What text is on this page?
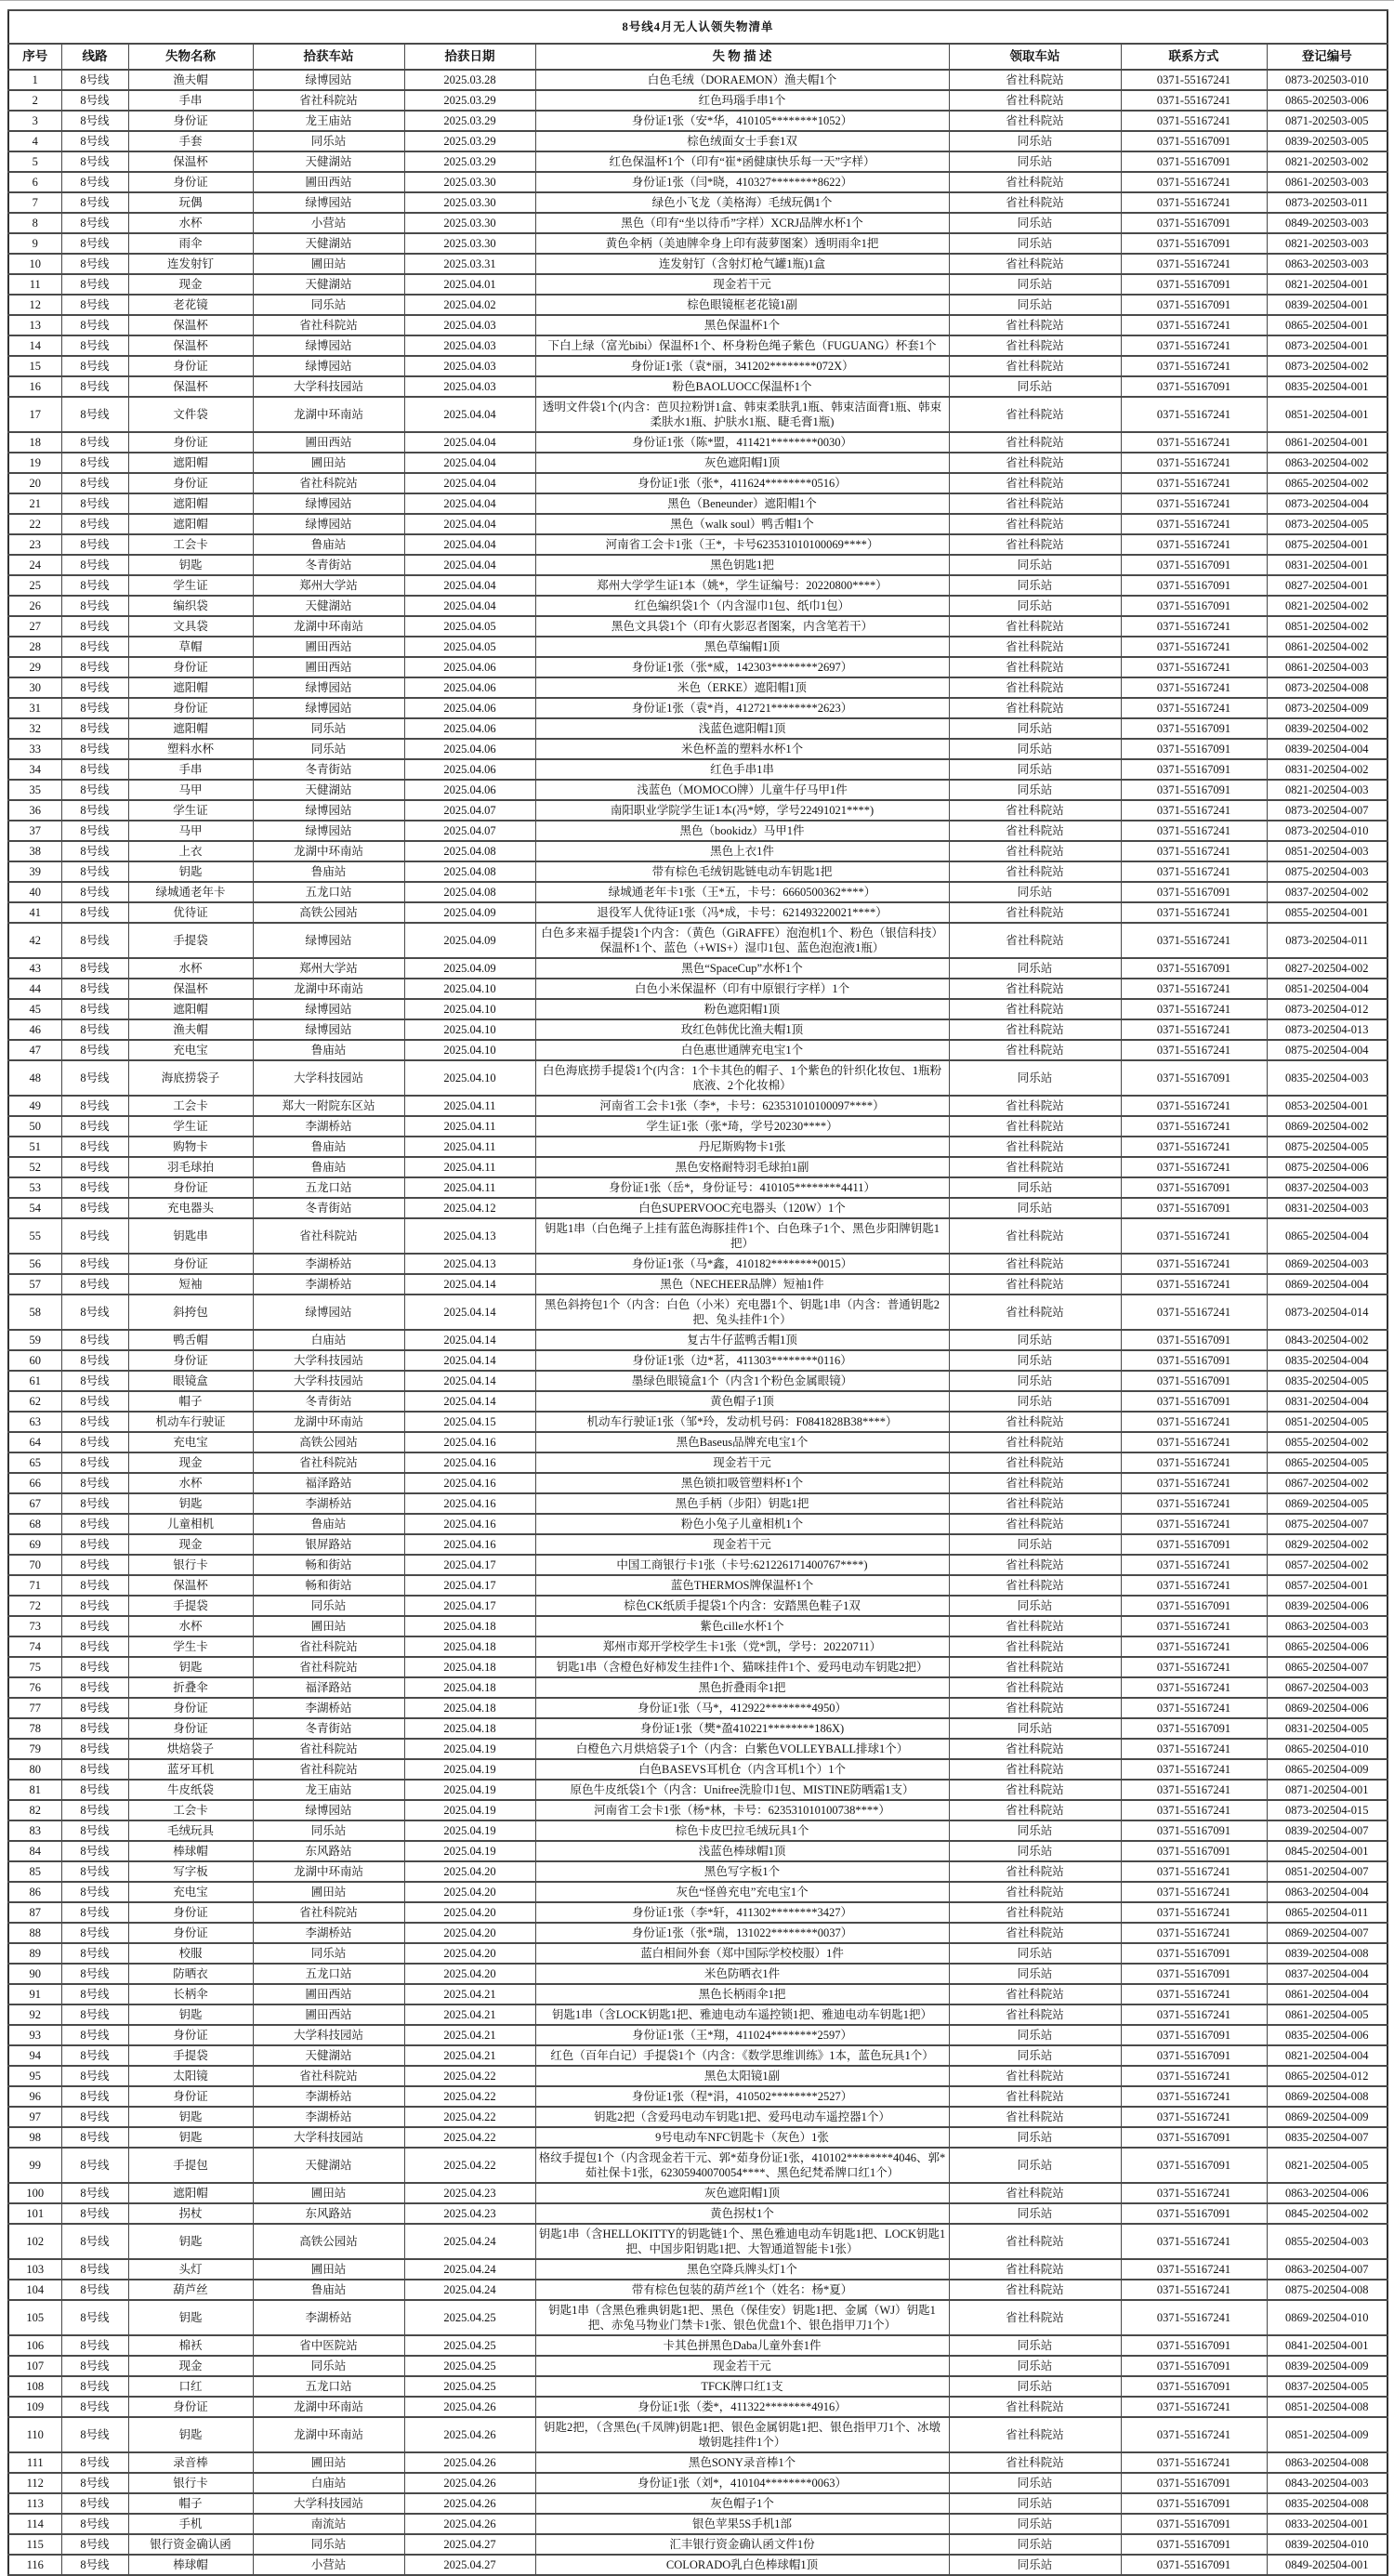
8号线4月无人认领失物清单								
序号	线路	失物名称	拾获车站	拾获日期	失 物 描 述	领取车站	联系方式	登记编号
1	8号线	渔夫帽	绿博园站	2025.03.28	白色毛绒（DORAEMON）渔夫帽1个	省社科院站	0371-55167241	0873-202503-010
2	8号线	手串	省社科院站	2025.03.29	红色玛瑙手串1个	省社科院站	0371-55167241	0865-202503-006
3	8号线	身份证	龙王庙站	2025.03.29	身份证1张（安*华，410105********1052）	省社科院站	0371-55167241	0871-202503-005
4	8号线	手套	同乐站	2025.03.29	棕色绒面女士手套1双	同乐站	0371-55167091	0839-202503-005
5	8号线	保温杯	天健湖站	2025.03.29	红色保温杯1个（印有“崔*函健康快乐每一天”字样）	同乐站	0371-55167091	0821-202503-002
6	8号线	身份证	圃田西站	2025.03.30	身份证1张（闫*晓，410327********8622）	省社科院站	0371-55167241	0861-202503-003
7	8号线	玩偶	绿博园站	2025.03.30	绿色小飞龙（美格海）毛绒玩偶1个	省社科院站	0371-55167241	0873-202503-011
8	8号线	水杯	小营站	2025.03.30	黑色（印有“坐以待币”字样）XCRJ品牌水杯1个	同乐站	0371-55167091	0849-202503-003
9	8号线	雨伞	天健湖站	2025.03.30	黄色伞柄（美迪牌伞身上印有菠萝图案）透明雨伞1把	同乐站	0371-55167091	0821-202503-003
10	8号线	连发射钉	圃田站	2025.03.31	连发射钉（含射灯枪气罐1瓶)1盒	省社科院站	0371-55167241	0863-202503-003
11	8号线	现金	天健湖站	2025.04.01	现金若干元	同乐站	0371-55167091	0821-202504-001
12	8号线	老花镜	同乐站	2025.04.02	棕色眼镜框老花镜1副	同乐站	0371-55167091	0839-202504-001
13	8号线	保温杯	省社科院站	2025.04.03	黑色保温杯1个	省社科院站	0371-55167241	0865-202504-001
14	8号线	保温杯	绿博园站	2025.04.03	下白上绿（富光bibi）保温杯1个、杯身粉色绳子紫色（FUGUANG）杯套1个	省社科院站	0371-55167241	0873-202504-001
15	8号线	身份证	绿博园站	2025.04.03	身份证1张（袁*丽，341202********072X）	省社科院站	0371-55167241	0873-202504-002
16	8号线	保温杯	大学科技园站	2025.04.03	粉色BAOLUOCC保温杯1个	同乐站	0371-55167091	0835-202504-001
17	8号线	文件袋	龙湖中环南站	2025.04.04	透明文件袋1个(内含：芭贝拉粉饼1盒、韩束柔肤乳1瓶、韩束洁面膏1瓶、韩束柔肤水1瓶、护肤水1瓶、睫毛膏1瓶)	省社科院站	0371-55167241	0851-202504-001
18	8号线	身份证	圃田西站	2025.04.04	身份证1张（陈*盟，411421********0030）	省社科院站	0371-55167241	0861-202504-001
19	8号线	遮阳帽	圃田站	2025.04.04	灰色遮阳帽1顶	省社科院站	0371-55167241	0863-202504-002
20	8号线	身份证	省社科院站	2025.04.04	身份证1张（张*，411624********0516）	省社科院站	0371-55167241	0865-202504-002
21	8号线	遮阳帽	绿博园站	2025.04.04	黑色（Beneunder）遮阳帽1个	省社科院站	0371-55167241	0873-202504-004
22	8号线	遮阳帽	绿博园站	2025.04.04	黑色（walk soul）鸭舌帽1个	省社科院站	0371-55167241	0873-202504-005
23	8号线	工会卡	鲁庙站	2025.04.04	河南省工会卡1张（王*，卡号623531010100069****）	省社科院站	0371-55167241	0875-202504-001
24	8号线	钥匙	冬青街站	2025.04.04	黑色钥匙1把	同乐站	0371-55167091	0831-202504-001
25	8号线	学生证	郑州大学站	2025.04.04	郑州大学学生证1本（姚*，学生证编号：20220800****）	同乐站	0371-55167091	0827-202504-001
26	8号线	编织袋	天健湖站	2025.04.04	红色编织袋1个（内含湿巾1包、纸巾1包）	同乐站	0371-55167091	0821-202504-002
27	8号线	文具袋	龙湖中环南站	2025.04.05	黑色文具袋1个（印有火影忍者图案，内含笔若干）	省社科院站	0371-55167241	0851-202504-002
28	8号线	草帽	圃田西站	2025.04.05	黑色草编帽1顶	省社科院站	0371-55167241	0861-202504-002
29	8号线	身份证	圃田西站	2025.04.06	身份证1张（张*威，142303********2697）	省社科院站	0371-55167241	0861-202504-003
30	8号线	遮阳帽	绿博园站	2025.04.06	米色（ERKE）遮阳帽1顶	省社科院站	0371-55167241	0873-202504-008
31	8号线	身份证	绿博园站	2025.04.06	身份证1张（袁*肖，412721********2623）	省社科院站	0371-55167241	0873-202504-009
32	8号线	遮阳帽	同乐站	2025.04.06	浅蓝色遮阳帽1顶	同乐站	0371-55167091	0839-202504-002
33	8号线	塑料水杯	同乐站	2025.04.06	米色杯盖的塑料水杯1个	同乐站	0371-55167091	0839-202504-004
34	8号线	手串	冬青街站	2025.04.06	红色手串1串	同乐站	0371-55167091	0831-202504-002
35	8号线	马甲	天健湖站	2025.04.06	浅蓝色（MOMOCO牌）儿童牛仔马甲1件	同乐站	0371-55167091	0821-202504-003
36	8号线	学生证	绿博园站	2025.04.07	南阳职业学院学生证1本(冯*婷，学号22491021****)	省社科院站	0371-55167241	0873-202504-007
37	8号线	马甲	绿博园站	2025.04.07	黑色（bookidz）马甲1件	省社科院站	0371-55167241	0873-202504-010
38	8号线	上衣	龙湖中环南站	2025.04.08	黑色上衣1件	省社科院站	0371-55167241	0851-202504-003
39	8号线	钥匙	鲁庙站	2025.04.08	带有棕色毛绒钥匙链电动车钥匙1把	省社科院站	0371-55167241	0875-202504-003
40	8号线	绿城通老年卡	五龙口站	2025.04.08	绿城通老年卡1张（王*五，卡号：6660500362****）	同乐站	0371-55167091	0837-202504-002
41	8号线	优待证	高铁公园站	2025.04.09	退役军人优待证1张（冯*成，卡号：621493220021****）	省社科院站	0371-55167241	0855-202504-001
42	8号线	手提袋	绿博园站	2025.04.09	白色多来福手提袋1个内含：（黄色（GiRAFFE）泡泡机1个、粉色（银信科技）保温杯1个、蓝色（+WIS+）湿巾1包、蓝色泡泡液1瓶）	省社科院站	0371-55167241	0873-202504-011
43	8号线	水杯	郑州大学站	2025.04.09	黑色“SpaceCup”水杯1个	同乐站	0371-55167091	0827-202504-002
44	8号线	保温杯	龙湖中环南站	2025.04.10	白色小米保温杯（印有中原银行字样）1个	省社科院站	0371-55167241	0851-202504-004
45	8号线	遮阳帽	绿博园站	2025.04.10	粉色遮阳帽1顶	省社科院站	0371-55167241	0873-202504-012
46	8号线	渔夫帽	绿博园站	2025.04.10	玫红色韩优比渔夫帽1顶	省社科院站	0371-55167241	0873-202504-013
47	8号线	充电宝	鲁庙站	2025.04.10	白色惠世通牌充电宝1个	省社科院站	0371-55167241	0875-202504-004
48	8号线	海底捞袋子	大学科技园站	2025.04.10	白色海底捞手提袋1个(内含：1个卡其色的帽子、1个紫色的针织化妆包、1瓶粉底液、2个化妆棉）	同乐站	0371-55167091	0835-202504-003
49	8号线	工会卡	郑大一附院东区站	2025.04.11	河南省工会卡1张（李*，卡号：623531010100097****）	省社科院站	0371-55167241	0853-202504-001
50	8号线	学生证	李湖桥站	2025.04.11	学生证1张（张*琦，学号20230****）	省社科院站	0371-55167241	0869-202504-002
51	8号线	购物卡	鲁庙站	2025.04.11	丹尼斯购物卡1张	省社科院站	0371-55167241	0875-202504-005
52	8号线	羽毛球拍	鲁庙站	2025.04.11	黑色安格耐特羽毛球拍1副	省社科院站	0371-55167241	0875-202504-006
53	8号线	身份证	五龙口站	2025.04.11	身份证1张（岳*，身份证号：410105********4411）	同乐站	0371-55167091	0837-202504-003
54	8号线	充电器头	冬青街站	2025.04.12	白色SUPERVOOC充电器头（120W）1个	同乐站	0371-55167091	0831-202504-003
55	8号线	钥匙串	省社科院站	2025.04.13	钥匙1串（白色绳子上挂有蓝色海豚挂件1个、白色珠子1个、黑色步阳牌钥匙1把）	省社科院站	0371-55167241	0865-202504-004
56	8号线	身份证	李湖桥站	2025.04.13	身份证1张（马*鑫，410182********0015）	省社科院站	0371-55167241	0869-202504-003
57	8号线	短袖	李湖桥站	2025.04.14	黑色（NECHEER品牌）短袖1件	省社科院站	0371-55167241	0869-202504-004
58	8号线	斜挎包	绿博园站	2025.04.14	黑色斜挎包1个（内含：白色（小米）充电器1个、钥匙1串（内含：普通钥匙2把、兔头挂件1个）	省社科院站	0371-55167241	0873-202504-014
59	8号线	鸭舌帽	白庙站	2025.04.14	复古牛仔蓝鸭舌帽1顶	同乐站	0371-55167091	0843-202504-002
60	8号线	身份证	大学科技园站	2025.04.14	身份证1张（边*茗，411303********0116）	同乐站	0371-55167091	0835-202504-004
61	8号线	眼镜盒	大学科技园站	2025.04.14	墨绿色眼镜盒1个（内含1个粉色金属眼镜）	同乐站	0371-55167091	0835-202504-005
62	8号线	帽子	冬青街站	2025.04.14	黄色帽子1顶	同乐站	0371-55167091	0831-202504-004
63	8号线	机动车行驶证	龙湖中环南站	2025.04.15	机动车行驶证1张（邹*玲，发动机号码：F0841828B38****）	省社科院站	0371-55167241	0851-202504-005
64	8号线	充电宝	高铁公园站	2025.04.16	黑色Baseus品牌充电宝1个	省社科院站	0371-55167241	0855-202504-002
65	8号线	现金	省社科院站	2025.04.16	现金若干元	省社科院站	0371-55167241	0865-202504-005
66	8号线	水杯	福泽路站	2025.04.16	黑色锁扣吸管塑料杯1个	省社科院站	0371-55167241	0867-202504-002
67	8号线	钥匙	李湖桥站	2025.04.16	黑色手柄（步阳）钥匙1把	省社科院站	0371-55167241	0869-202504-005
68	8号线	儿童相机	鲁庙站	2025.04.16	粉色小兔子儿童相机1个	省社科院站	0371-55167241	0875-202504-007
69	8号线	现金	银屏路站	2025.04.16	现金若干元	同乐站	0371-55167091	0829-202504-002
70	8号线	银行卡	畅和街站	2025.04.17	中国工商银行卡1张（卡号:621226171400767****)	省社科院站	0371-55167241	0857-202504-002
71	8号线	保温杯	畅和街站	2025.04.17	蓝色THERMOS牌保温杯1个	省社科院站	0371-55167241	0857-202504-001
72	8号线	手提袋	同乐站	2025.04.17	棕色CK纸质手提袋1个内含：安踏黑色鞋子1双	同乐站	0371-55167091	0839-202504-006
73	8号线	水杯	圃田站	2025.04.18	紫色cille水杯1个	省社科院站	0371-55167241	0863-202504-003
74	8号线	学生卡	省社科院站	2025.04.18	郑州市郑开学校学生卡1张（党*凯，学号：20220711）	省社科院站	0371-55167241	0865-202504-006
75	8号线	钥匙	省社科院站	2025.04.18	钥匙1串（含橙色好柿发生挂件1个、猫咪挂件1个、爱玛电动车钥匙2把）	省社科院站	0371-55167241	0865-202504-007
76	8号线	折叠伞	福泽路站	2025.04.18	黑色折叠雨伞1把	省社科院站	0371-55167241	0867-202504-003
77	8号线	身份证	李湖桥站	2025.04.18	身份证1张（马*，412922********4950）	省社科院站	0371-55167241	0869-202504-006
78	8号线	身份证	冬青街站	2025.04.18	身份证1张（樊*盈410221********186X)	同乐站	0371-55167091	0831-202504-005
79	8号线	烘焙袋子	省社科院站	2025.04.19	白橙色六月烘焙袋子1个（内含：白紫色VOLLEYBALL排球1个）	省社科院站	0371-55167241	0865-202504-010
80	8号线	蓝牙耳机	省社科院站	2025.04.19	白色BASEVS耳机仓（内含耳机1个）1个	省社科院站	0371-55167241	0865-202504-009
81	8号线	牛皮纸袋	龙王庙站	2025.04.19	原色牛皮纸袋1个（内含：Unifree洗脸巾1包、MISTINE防晒霜1支）	省社科院站	0371-55167241	0871-202504-001
82	8号线	工会卡	绿博园站	2025.04.19	河南省工会卡1张（杨*林，卡号：623531010100738****）	省社科院站	0371-55167241	0873-202504-015
83	8号线	毛绒玩具	同乐站	2025.04.19	棕色卡皮巴拉毛绒玩具1个	同乐站	0371-55167091	0839-202504-007
84	8号线	棒球帽	东风路站	2025.04.19	浅蓝色棒球帽1顶	同乐站	0371-55167091	0845-202504-001
85	8号线	写字板	龙湖中环南站	2025.04.20	黑色写字板1个	省社科院站	0371-55167241	0851-202504-007
86	8号线	充电宝	圃田站	2025.04.20	灰色“怪兽充电”充电宝1个	省社科院站	0371-55167241	0863-202504-004
87	8号线	身份证	省社科院站	2025.04.20	身份证1张（李*轩，411302********3427）	省社科院站	0371-55167241	0865-202504-011
88	8号线	身份证	李湖桥站	2025.04.20	身份证1张（张*瑞，131022********0037）	省社科院站	0371-55167241	0869-202504-007
89	8号线	校服	同乐站	2025.04.20	蓝白相间外套（郑中国际学校校服）1件	同乐站	0371-55167091	0839-202504-008
90	8号线	防晒衣	五龙口站	2025.04.20	米色防晒衣1件	同乐站	0371-55167091	0837-202504-004
91	8号线	长柄伞	圃田西站	2025.04.21	黑色长柄雨伞1把	省社科院站	0371-55167241	0861-202504-004
92	8号线	钥匙	圃田西站	2025.04.21	钥匙1串（含LOCK钥匙1把、雅迪电动车遥控锁1把、雅迪电动车钥匙1把）	省社科院站	0371-55167241	0861-202504-005
93	8号线	身份证	大学科技园站	2025.04.21	身份证1张（王*翔，411024********2597）	同乐站	0371-55167091	0835-202504-006
94	8号线	手提袋	天健湖站	2025.04.21	红色（百年白记）手提袋1个（内含：《数学思维训练》1本，蓝色玩具1个）	同乐站	0371-55167091	0821-202504-004
95	8号线	太阳镜	省社科院站	2025.04.22	黑色太阳镜1副	省社科院站	0371-55167241	0865-202504-012
96	8号线	身份证	李湖桥站	2025.04.22	身份证1张（程*涓，410502********2527）	省社科院站	0371-55167241	0869-202504-008
97	8号线	钥匙	李湖桥站	2025.04.22	钥匙2把（含爱玛电动车钥匙1把、爱玛电动车遥控器1个）	省社科院站	0371-55167241	0869-202504-009
98	8号线	钥匙	大学科技园站	2025.04.22	9号电动车NFC钥匙卡（灰色）1张	同乐站	0371-55167091	0835-202504-007
99	8号线	手提包	天健湖站	2025.04.22	格纹手提包1个（内含现金若干元、郭*茹身份证1张，410102********4046、郭*茹社保卡1张，62305940070054****、黑色纪梵希牌口红1个）	同乐站	0371-55167091	0821-202504-005
100	8号线	遮阳帽	圃田站	2025.04.23	灰色遮阳帽1顶	省社科院站	0371-55167241	0863-202504-006
101	8号线	拐杖	东风路站	2025.04.23	黄色拐杖1个	同乐站	0371-55167091	0845-202504-002
102	8号线	钥匙	高铁公园站	2025.04.24	钥匙1串（含HELLOKITTY的钥匙链1个、黑色雅迪电动车钥匙1把、LOCK钥匙1把、中国步阳钥匙1把、大智通道智能卡1张）	省社科院站	0371-55167241	0855-202504-003
103	8号线	头灯	圃田站	2025.04.24	黑色空降兵牌头灯1个	省社科院站	0371-55167241	0863-202504-007
104	8号线	葫芦丝	鲁庙站	2025.04.24	带有棕色包装的葫芦丝1个（姓名：杨*夏）	省社科院站	0371-55167241	0875-202504-008
105	8号线	钥匙	李湖桥站	2025.04.25	钥匙1串（含黑色雅典钥匙1把、黑色（保佳安）钥匙1把、金属（WJ）钥匙1把、赤兔马物业门禁卡1张、银色优盘1个、银色指甲刀1个）	省社科院站	0371-55167241	0869-202504-010
106	8号线	棉袄	省中医院站	2025.04.25	卡其色拼黑色Daba儿童外套1件	同乐站	0371-55167091	0841-202504-001
107	8号线	现金	同乐站	2025.04.25	现金若干元	同乐站	0371-55167091	0839-202504-009
108	8号线	口红	五龙口站	2025.04.25	TFCK牌口红1支	同乐站	0371-55167091	0837-202504-005
109	8号线	身份证	龙湖中环南站	2025.04.26	身份证1张（娄*，411322********4916）	省社科院站	0371-55167241	0851-202504-008
110	8号线	钥匙	龙湖中环南站	2025.04.26	钥匙2把，（含黑色(千凤牌)钥匙1把、银色金属钥匙1把、银色指甲刀1个、冰墩墩钥匙挂件1个）	省社科院站	0371-55167241	0851-202504-009
111	8号线	录音棒	圃田站	2025.04.26	黑色SONY录音棒1个	省社科院站	0371-55167241	0863-202504-008
112	8号线	银行卡	白庙站	2025.04.26	身份证1张（刘*，410104********0063）	同乐站	0371-55167091	0843-202504-003
113	8号线	帽子	大学科技园站	2025.04.26	灰色帽子1个	同乐站	0371-55167091	0835-202504-008
114	8号线	手机	南流站	2025.04.26	银色苹果5S手机1部	同乐站	0371-55167091	0833-202504-001
115	8号线	银行资金确认函	同乐站	2025.04.27	汇丰银行资金确认函文件1份	同乐站	0371-55167091	0839-202504-010
116	8号线	棒球帽	小营站	2025.04.27	COLORADO乳白色棒球帽1顶	同乐站	0371-55167091	0849-202504-001
